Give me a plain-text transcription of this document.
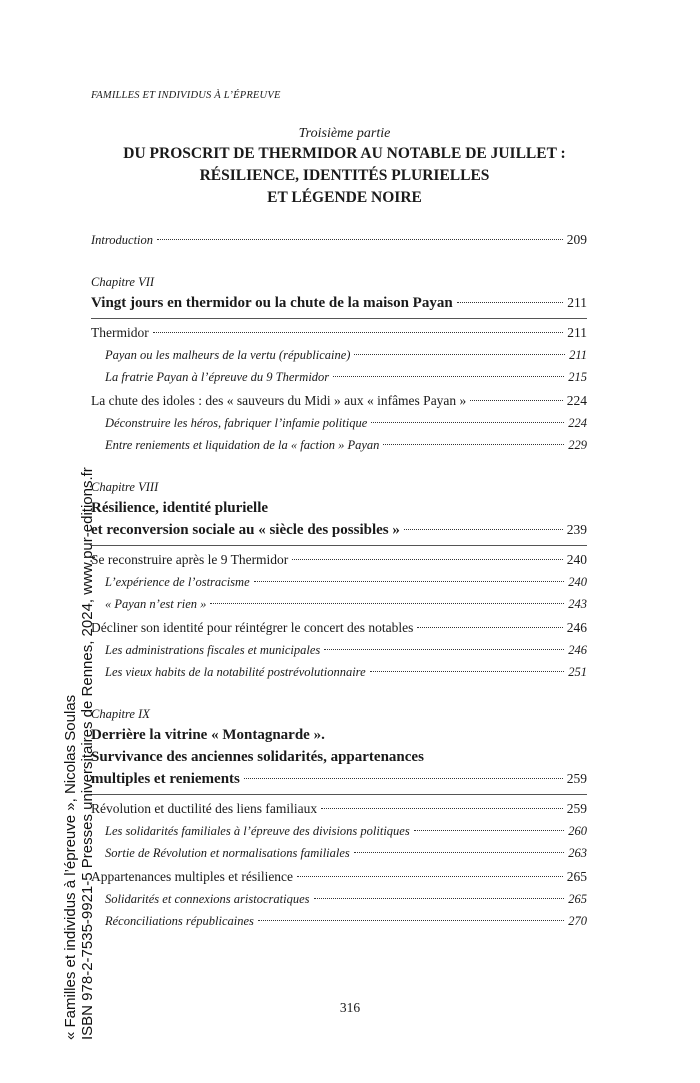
FAMILLES ET INDIVIDUS À L’ÉPREUVE
Troisième partie
DU PROSCRIT DE THERMIDOR AU NOTABLE DE JUILLET :
RÉSILIENCE, IDENTITÉS PLURIELLES
ET LÉGENDE NOIRE
Introduction	209
Chapitre VII
Vingt jours en thermidor ou la chute de la maison Payan	211
Thermidor	211
Payan ou les malheurs de la vertu (républicaine)	211
La fratrie Payan à l’épreuve du 9 Thermidor	215
La chute des idoles : des « sauveurs du Midi » aux « infâmes Payan »	224
Déconstruire les héros, fabriquer l’infamie politique	224
Entre reniements et liquidation de la « faction » Payan	229
Chapitre VIII
Résilience, identité plurielle
et reconversion sociale au « siècle des possibles »	239
Se reconstruire après le 9 Thermidor	240
L’expérience de l’ostracisme	240
« Payan n’est rien »	243
Décliner son identité pour réintégrer le concert des notables	246
Les administrations fiscales et municipales	246
Les vieux habits de la notabilité postrévolutionnaire	251
Chapitre IX
Derrière la vitrine « Montagnarde ».
Survivance des anciennes solidarités, appartenances
multiples et reniements	259
Révolution et ductilité des liens familiaux	259
Les solidarités familiales à l’épreuve des divisions politiques	260
Sortie de Révolution et normalisations familiales	263
Appartenances multiples et résilience	265
Solidarités et connexions aristocratiques	265
Réconciliations républicaines	270
316
« Familles et individus à l’épreuve », Nicolas Soulas ISBN 978-2-7535-9921-5 Presses universitaires de Rennes, 2024, www.pur-editions.fr
